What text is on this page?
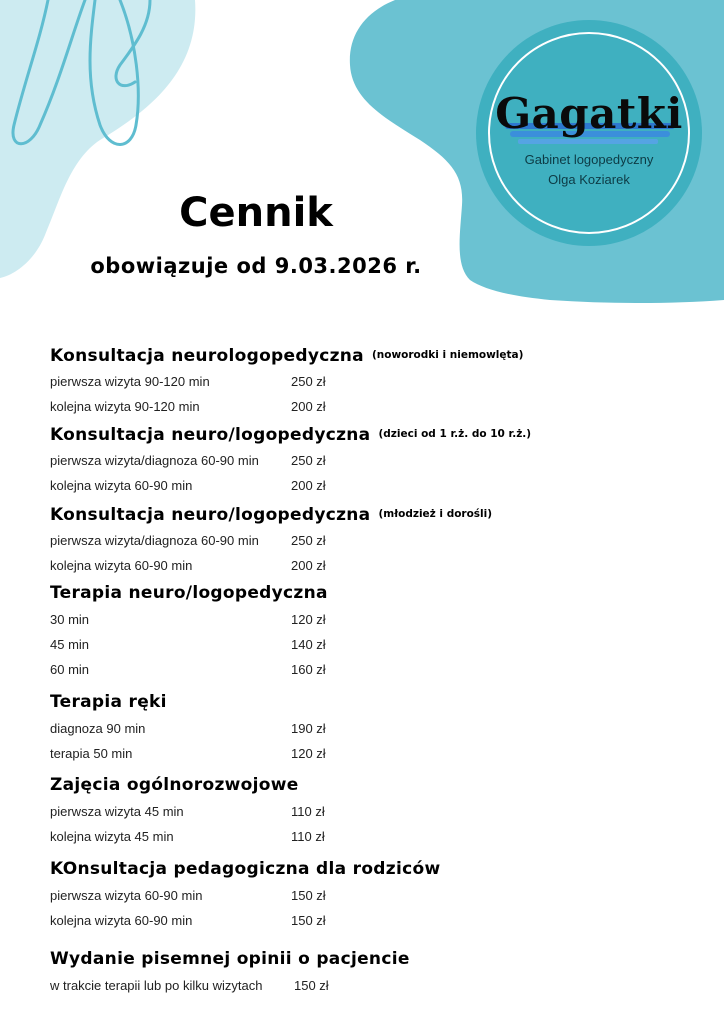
Gagatki
Gabinet logopedyczny
Olga Koziarek
Cennik
obowiązuje od 9.03.2026 r.
Konsultacja neurologopedyczna (noworodki i niemowlęta)
pierwsza wizyta 90-120 min	250 zł
kolejna wizyta 90-120 min	200 zł
Konsultacja neuro/logopedyczna (dzieci od 1 r.ż. do 10 r.ż.)
pierwsza wizyta/diagnoza 60-90 min 250 zł
kolejna wizyta 60-90 min	200 zł
Konsultacja neuro/logopedyczna (młodzież i dorośli)
pierwsza wizyta/diagnoza 60-90 min 250 zł
kolejna wizyta 60-90 min	200 zł
Terapia neuro/logopedyczna
30 min	120 zł
45 min	140 zł
60 min	160 zł
Terapia ręki
diagnoza 90 min	190 zł
terapia 50 min	120 zł
Zajęcia ogólnorozwojowe
pierwsza wizyta 45 min	110 zł
kolejna wizyta 45 min	110 zł
KOnsultacja pedagogiczna dla rodziców
pierwsza wizyta 60-90 min	150 zł
kolejna wizyta 60-90 min	150 zł
Wydanie pisemnej opinii o pacjencie
w trakcie terapii lub po kilku wizytach 150 zł
